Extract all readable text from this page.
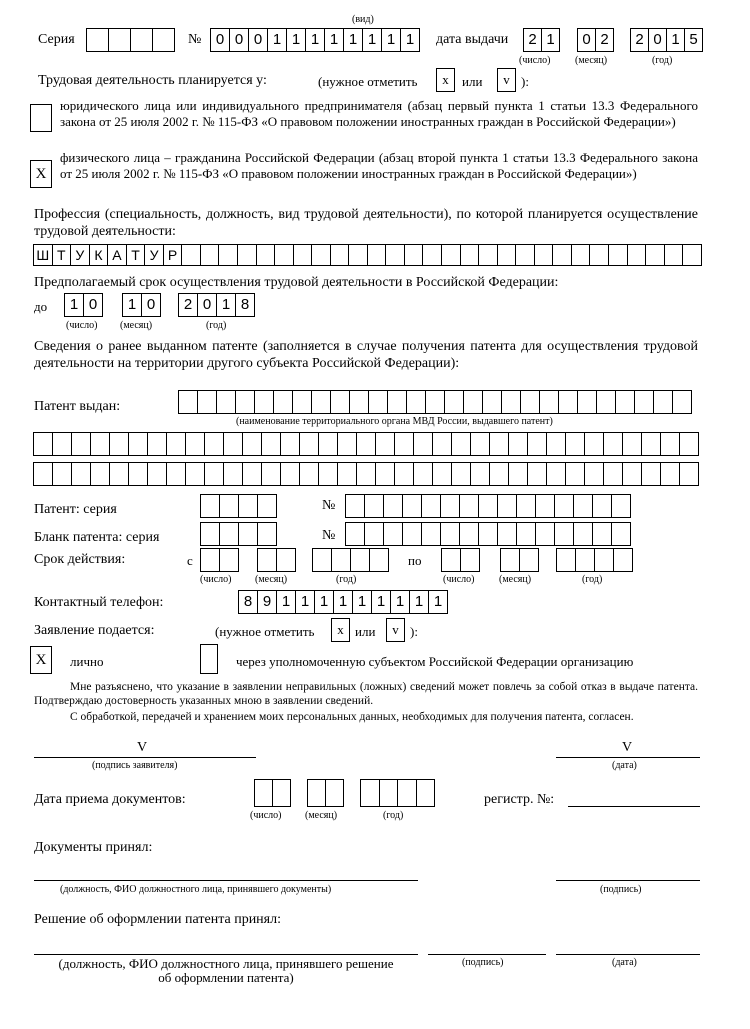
(вид)
Серия	№ 0 0 0 1 1 1 1 1 1 1 1	дата выдачи	2 1	0 2	2 0 1 5
(число) (месяц)	(год)
Трудовая деятельность планируется у:	(нужное отметить	x	или	v ):
юридического лица или индивидуального предпринимателя (абзац первый пункта 1 статьи 13.3 Федерального закона от 25 июля 2002 г. № 115-ФЗ «О правовом положении иностранных граждан в Российской Федерации»)
Х
физического лица – гражданина Российской Федерации (абзац второй пункта 1 статьи 13.3 Федерального закона от 25 июля 2002 г. № 115-ФЗ «О правовом положении иностранных граждан в Российской Федерации»)
Профессия (специальность, должность, вид трудовой деятельности), по которой планируется осуществление трудовой деятельности:
Ш Т У К А Т У Р
Предполагаемый срок осуществления трудовой деятельности в Российской Федерации:
до	1 0	1 0	2 0 1 8
(число) (месяц)	(год)
Сведения о ранее выданном патенте (заполняется в случае получения патента для осуществления трудовой деятельности на территории другого субъекта Российской Федерации):
Патент выдан:
(наименование территориального органа МВД России, выдавшего патент)
Патент: серия	№
Бланк патента: серия	№
Срок действия:	с	по
(число) (месяц)	(год)	(число) (месяц)	(год)
Контактный телефон:	8 9 1 1 1 1 1 1 1 1 1
Заявление подается:	(нужное отметить	x или	v ):
Х	лично	через уполномоченную субъектом Российской Федерации организацию
Мне разъяснено, что указание в заявлении неправильных (ложных) сведений может повлечь за собой отказ в выдаче патента. Подтверждаю достоверность указанных мною в заявлении сведений.
С обработкой, передачей и хранением моих персональных данных, необходимых для получения патента, согласен.
V
(подпись заявителя)
V
(дата)
Дата приема документов:
(число) (месяц)	(год)
регистр. №:
Документы принял:
(должность, ФИО должностного лица, принявшего документы)	(подпись)
Решение об оформлении патента принял:
(должность, ФИО должностного лица, принявшего решение об оформлении патента)
(подпись)	(дата)
